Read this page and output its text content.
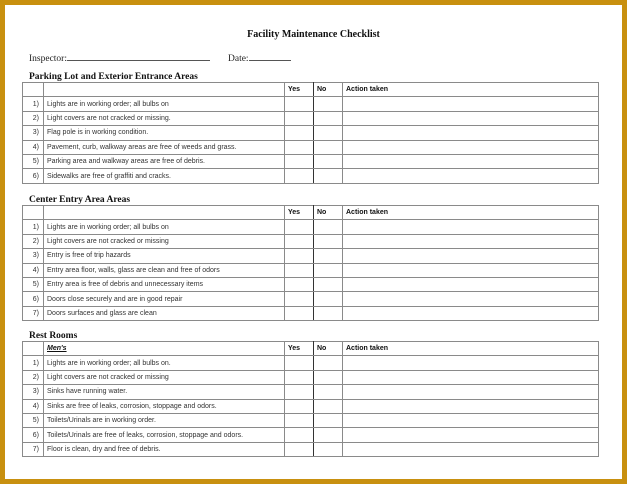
Facility Maintenance Checklist
Inspector:	Date:
Parking Lot and Exterior Entrance Areas
		Yes	No	Action taken
1)	Lights are in working order; all bulbs on			
2)	Light covers are not cracked or missing.			
3)	Flag pole is in working condition.			
4)	Pavement, curb, walkway areas are free of weeds and grass.			
5)	Parking area and walkway areas are free of debris.			
6)	Sidewalks are free of graffiti and cracks.			
Center Entry Area Areas
		Yes	No	Action taken
1)	Lights are in working order; all bulbs on			
2)	Light covers are not cracked or missing			
3)	Entry is free of trip hazards			
4)	Entry area floor, walls, glass are clean and free of odors			
5)	Entry area is free of debris and unnecessary items			
6)	Doors close securely and are in good repair			
7)	Doors surfaces and glass are clean			
Rest Rooms
	Men's	Yes	No	Action taken
1)	Lights are in working order; all bulbs on.			
2)	Light covers are not cracked or missing			
3)	Sinks have running water.			
4)	Sinks are free of leaks, corrosion, stoppage and odors.			
5)	Toilets/Urinals are in working order.			
6)	Toilets/Urinals are free of leaks, corrosion, stoppage and odors.			
7)	Floor is clean, dry and free of debris.			
